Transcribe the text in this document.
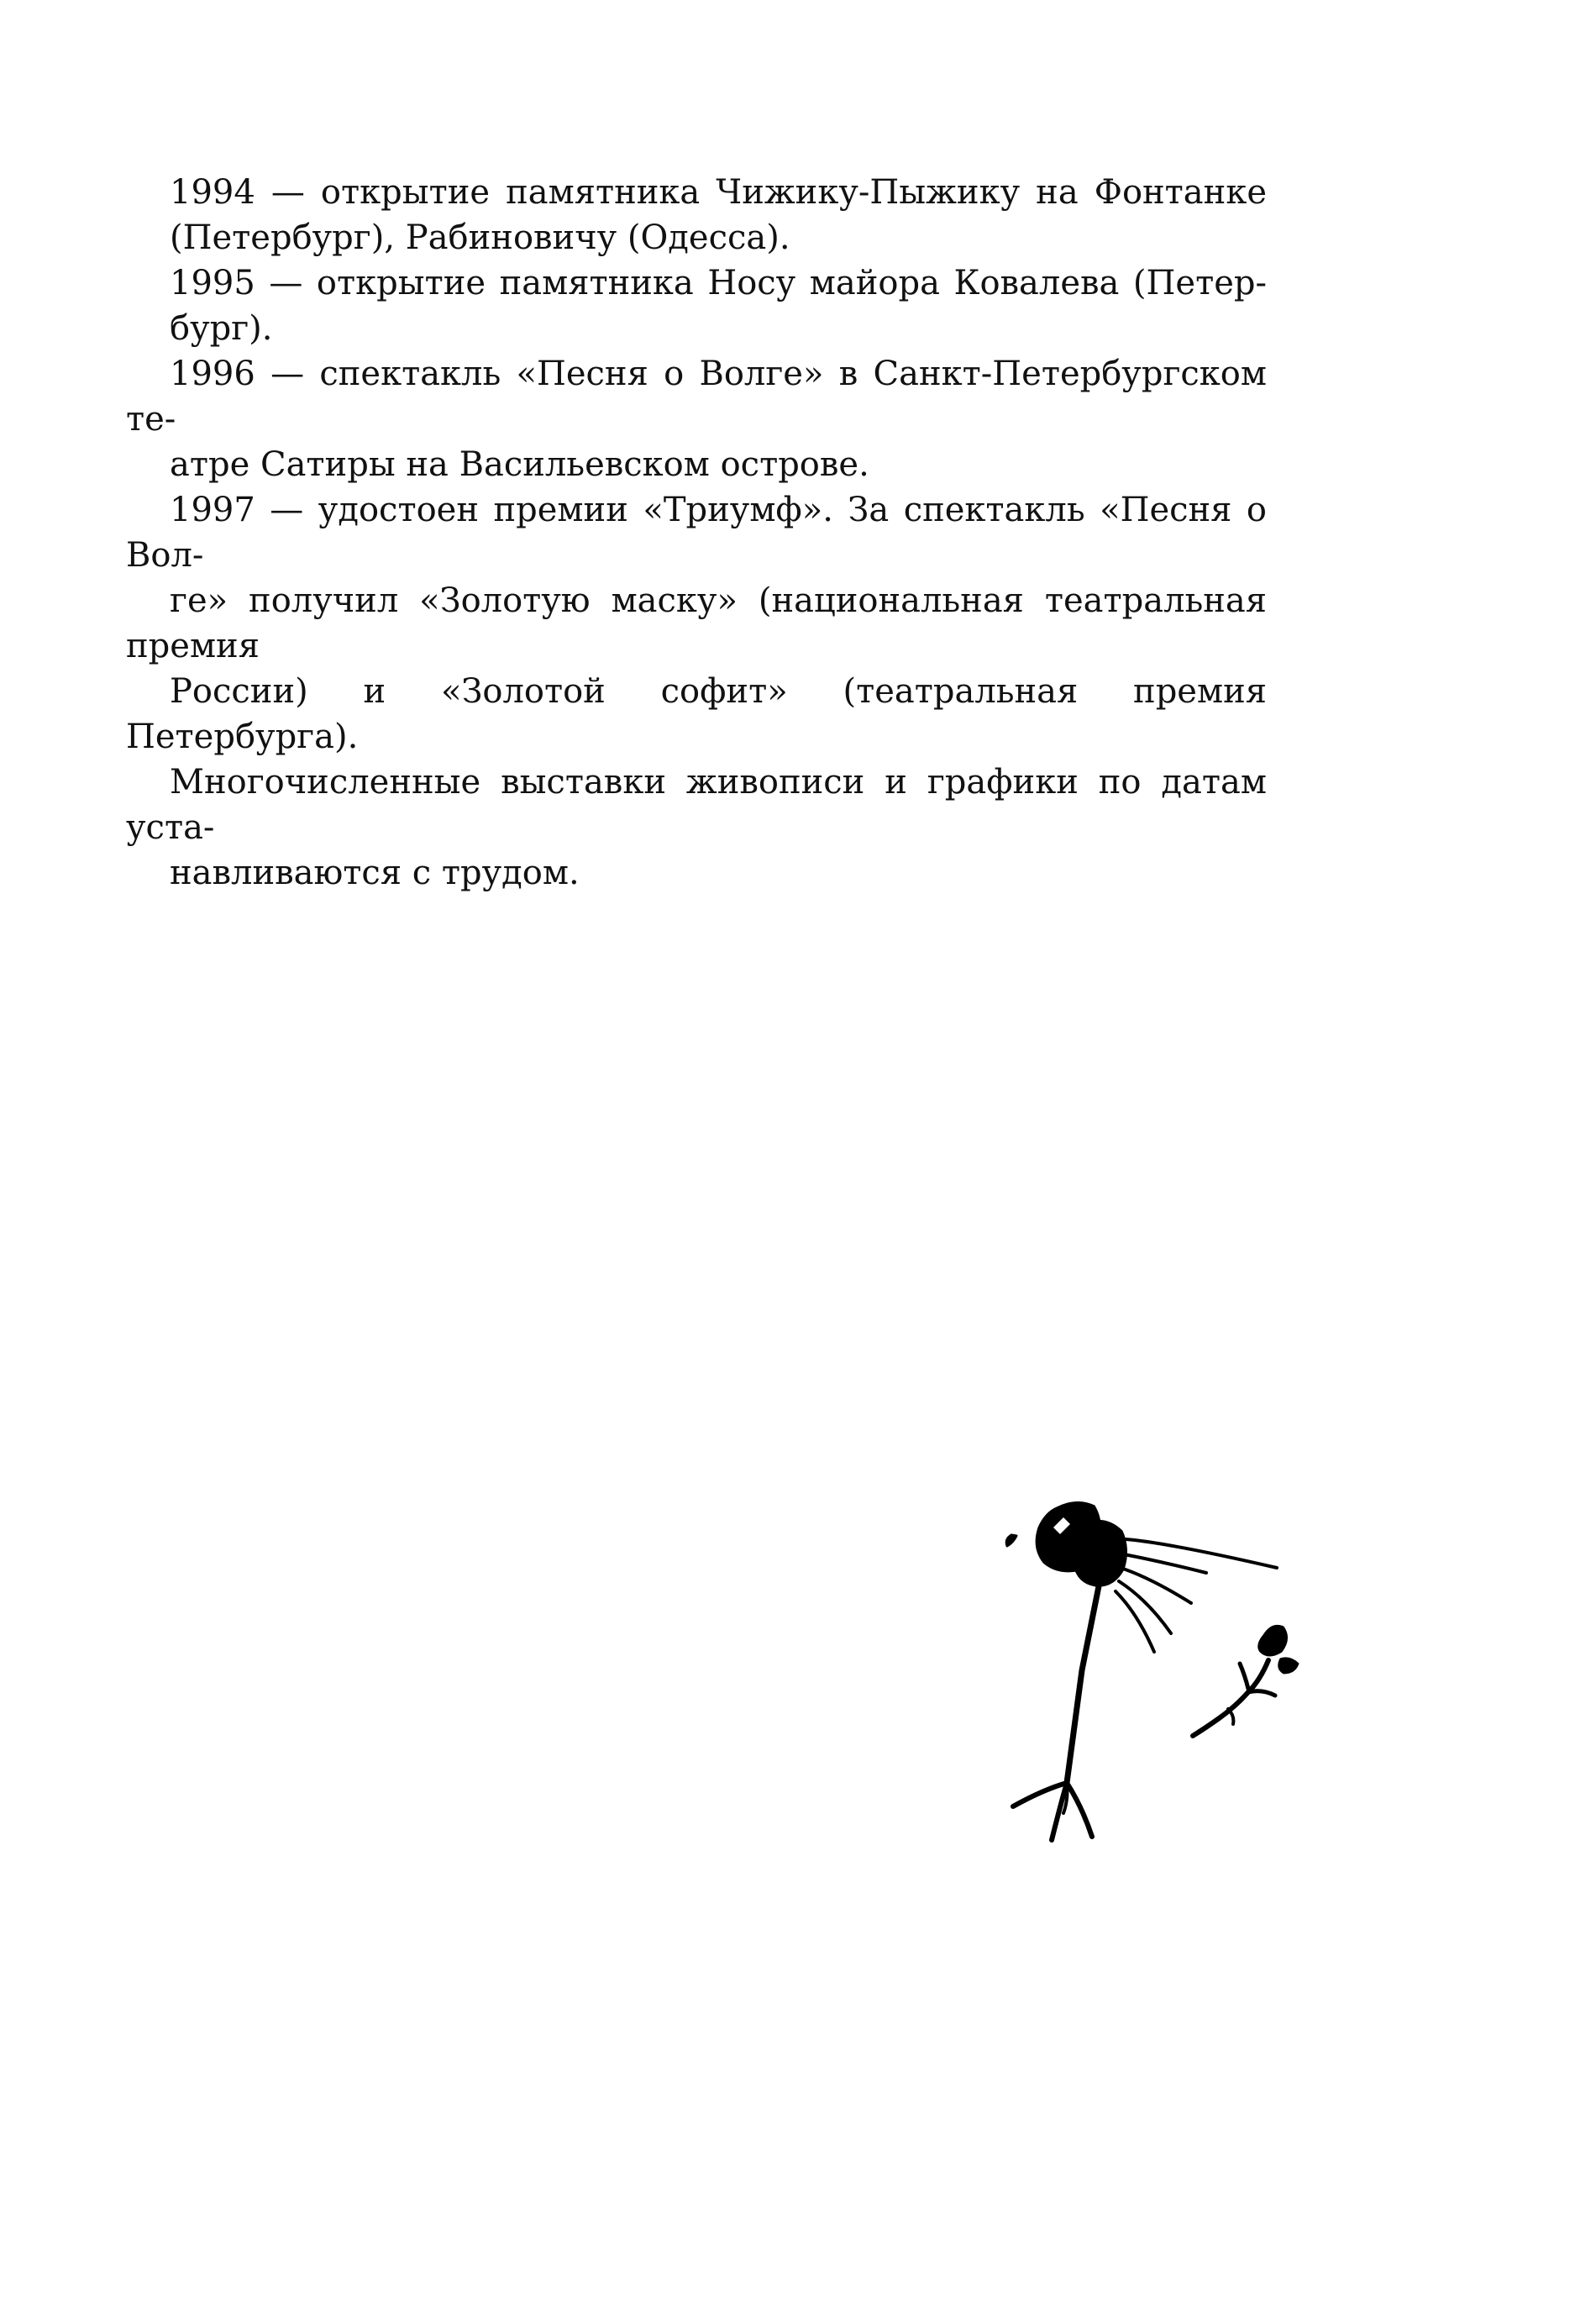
1994 — открытие памятника Чижику-Пыжику на Фонтанке
(Петербург), Рабиновичу (Одесса).

1995 — открытие памятника Носу майора Ковалева (Петер-
бург).

1996 — спектакль «Песня о Волге» в Санкт-Петербургском те-
атре Сатиры на Васильевском острове.

1997 — удостоен премии «Триумф». За спектакль «Песня о Вол-
ге» получил «Золотую маску» (национальная театральная премия
России) и «Золотой софит» (театральная премия Петербурга).

Многочисленные выставки живописи и графики по датам уста-
навливаются с трудом.
